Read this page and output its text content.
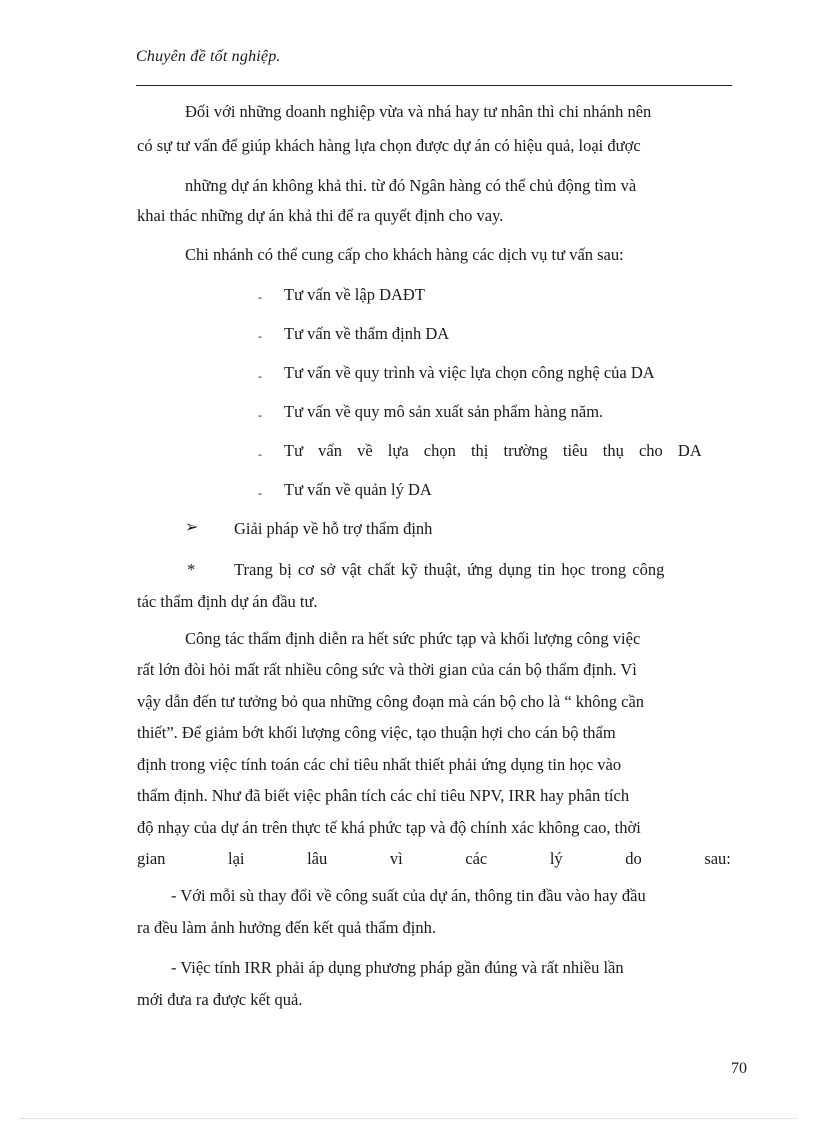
Chuyên đề tốt nghiệp.
Đối với những doanh nghiệp vừa và nhá hay tư nhân thì chi nhánh nên
có sự tư vấn để giúp khách hàng lựa chọn được dự án có hiệu quả, loại được
những dự án không khả thi. từ đó Ngân hàng có thể chủ động tìm và
khai thác những dự án khả thi để ra quyết định cho vay.
Chi nhánh có thể cung cấp cho khách hàng các dịch vụ tư vấn sau:
- Tư vấn về lập DAĐT
- Tư vấn về thẩm định DA
- Tư vấn về quy trình và việc lựa chọn công nghệ của DA
- Tư vấn về quy mô sản xuất sản phẩm hàng năm.
- Tư vấn về lựa chọn thị trường tiêu thụ cho DA
- Tư vấn về quản lý DA
➢ Giải pháp về hỗ trợ thẩm định
* Trang bị cơ sở vật chất kỹ thuật, ứng dụng tin học trong công
tác thẩm định dự án đầu tư.
Công tác thẩm định diễn ra hết sức phức tạp và khối lượng công việc
rất lớn đòi hỏi mất rất nhiều công sức và thời gian của cán bộ thẩm định. Vì
vậy dẫn đến tư tưởng bỏ qua những công đoạn mà cán bộ cho là “ không cần
thiết”. Để giảm bớt khối lượng công việc, tạo thuận hợi cho cán bộ thẩm
định trong việc tính toán các chỉ tiêu nhất thiết phải ứng dụng tin học vào
thẩm định. Như đã biết việc phân tích các chỉ tiêu NPV, IRR hay phân tích
độ nhạy của dự án trên thực tế khá phức tạp và độ chính xác không cao, thời
gian	lại	lâu	vì	các	lý	do	sau:
- Với mỗi sù thay đổi về công suất của dự án, thông tin đầu vào hay đầu
ra đều làm ảnh hưởng đến kết quả thẩm định.
- Việc tính IRR phải áp dụng phương pháp gần đúng và rất nhiều lần
mới đưa ra được kết quả.
70
